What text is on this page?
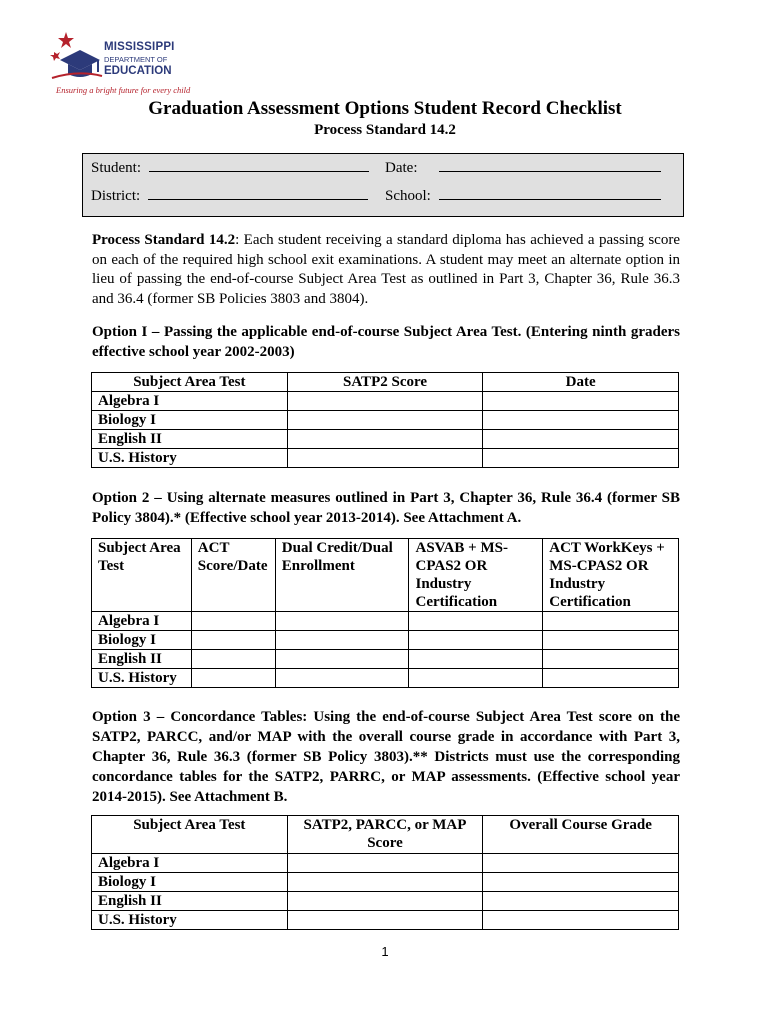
MISSISSIPPI
DEPARTMENT OF
EDUCATION
Ensuring a bright future for every child
Graduation Assessment Options Student Record Checklist
Process Standard 14.2
Student:	Date:
District:	School:
Process Standard 14.2: Each student receiving a standard diploma has achieved a passing score on each of the required high school exit examinations. A student may meet an alternate option in lieu of passing the end-of-course Subject Area Test as outlined in Part 3, Chapter 36, Rule 36.3 and 36.4 (former SB Policies 3803 and 3804).
Option I – Passing the applicable end-of-course Subject Area Test. (Entering ninth graders effective school year 2002-2003)
Subject Area Test	SATP2 Score	Date
Algebra I		
Biology I		
English II		
U.S. History		
Option 2 – Using alternate measures outlined in Part 3, Chapter 36, Rule 36.4 (former SB Policy 3804).* (Effective school year 2013-2014). See Attachment A.
Subject Area Test	ACT Score/Date	Dual Credit/Dual Enrollment	ASVAB + MS-CPAS2 OR Industry Certification	ACT WorkKeys + MS-CPAS2 OR Industry Certification
Algebra I				
Biology I				
English II				
U.S. History				
Option 3 – Concordance Tables: Using the end-of-course Subject Area Test score on the SATP2, PARCC, and/or MAP with the overall course grade in accordance with Part 3, Chapter 36, Rule 36.3 (former SB Policy 3803).** Districts must use the corresponding concordance tables for the SATP2, PARRC, or MAP assessments. (Effective school year 2014-2015). See Attachment B.
Subject Area Test	SATP2, PARCC, or MAP Score	Overall Course Grade
Algebra I		
Biology I		
English II		
U.S. History		
1
